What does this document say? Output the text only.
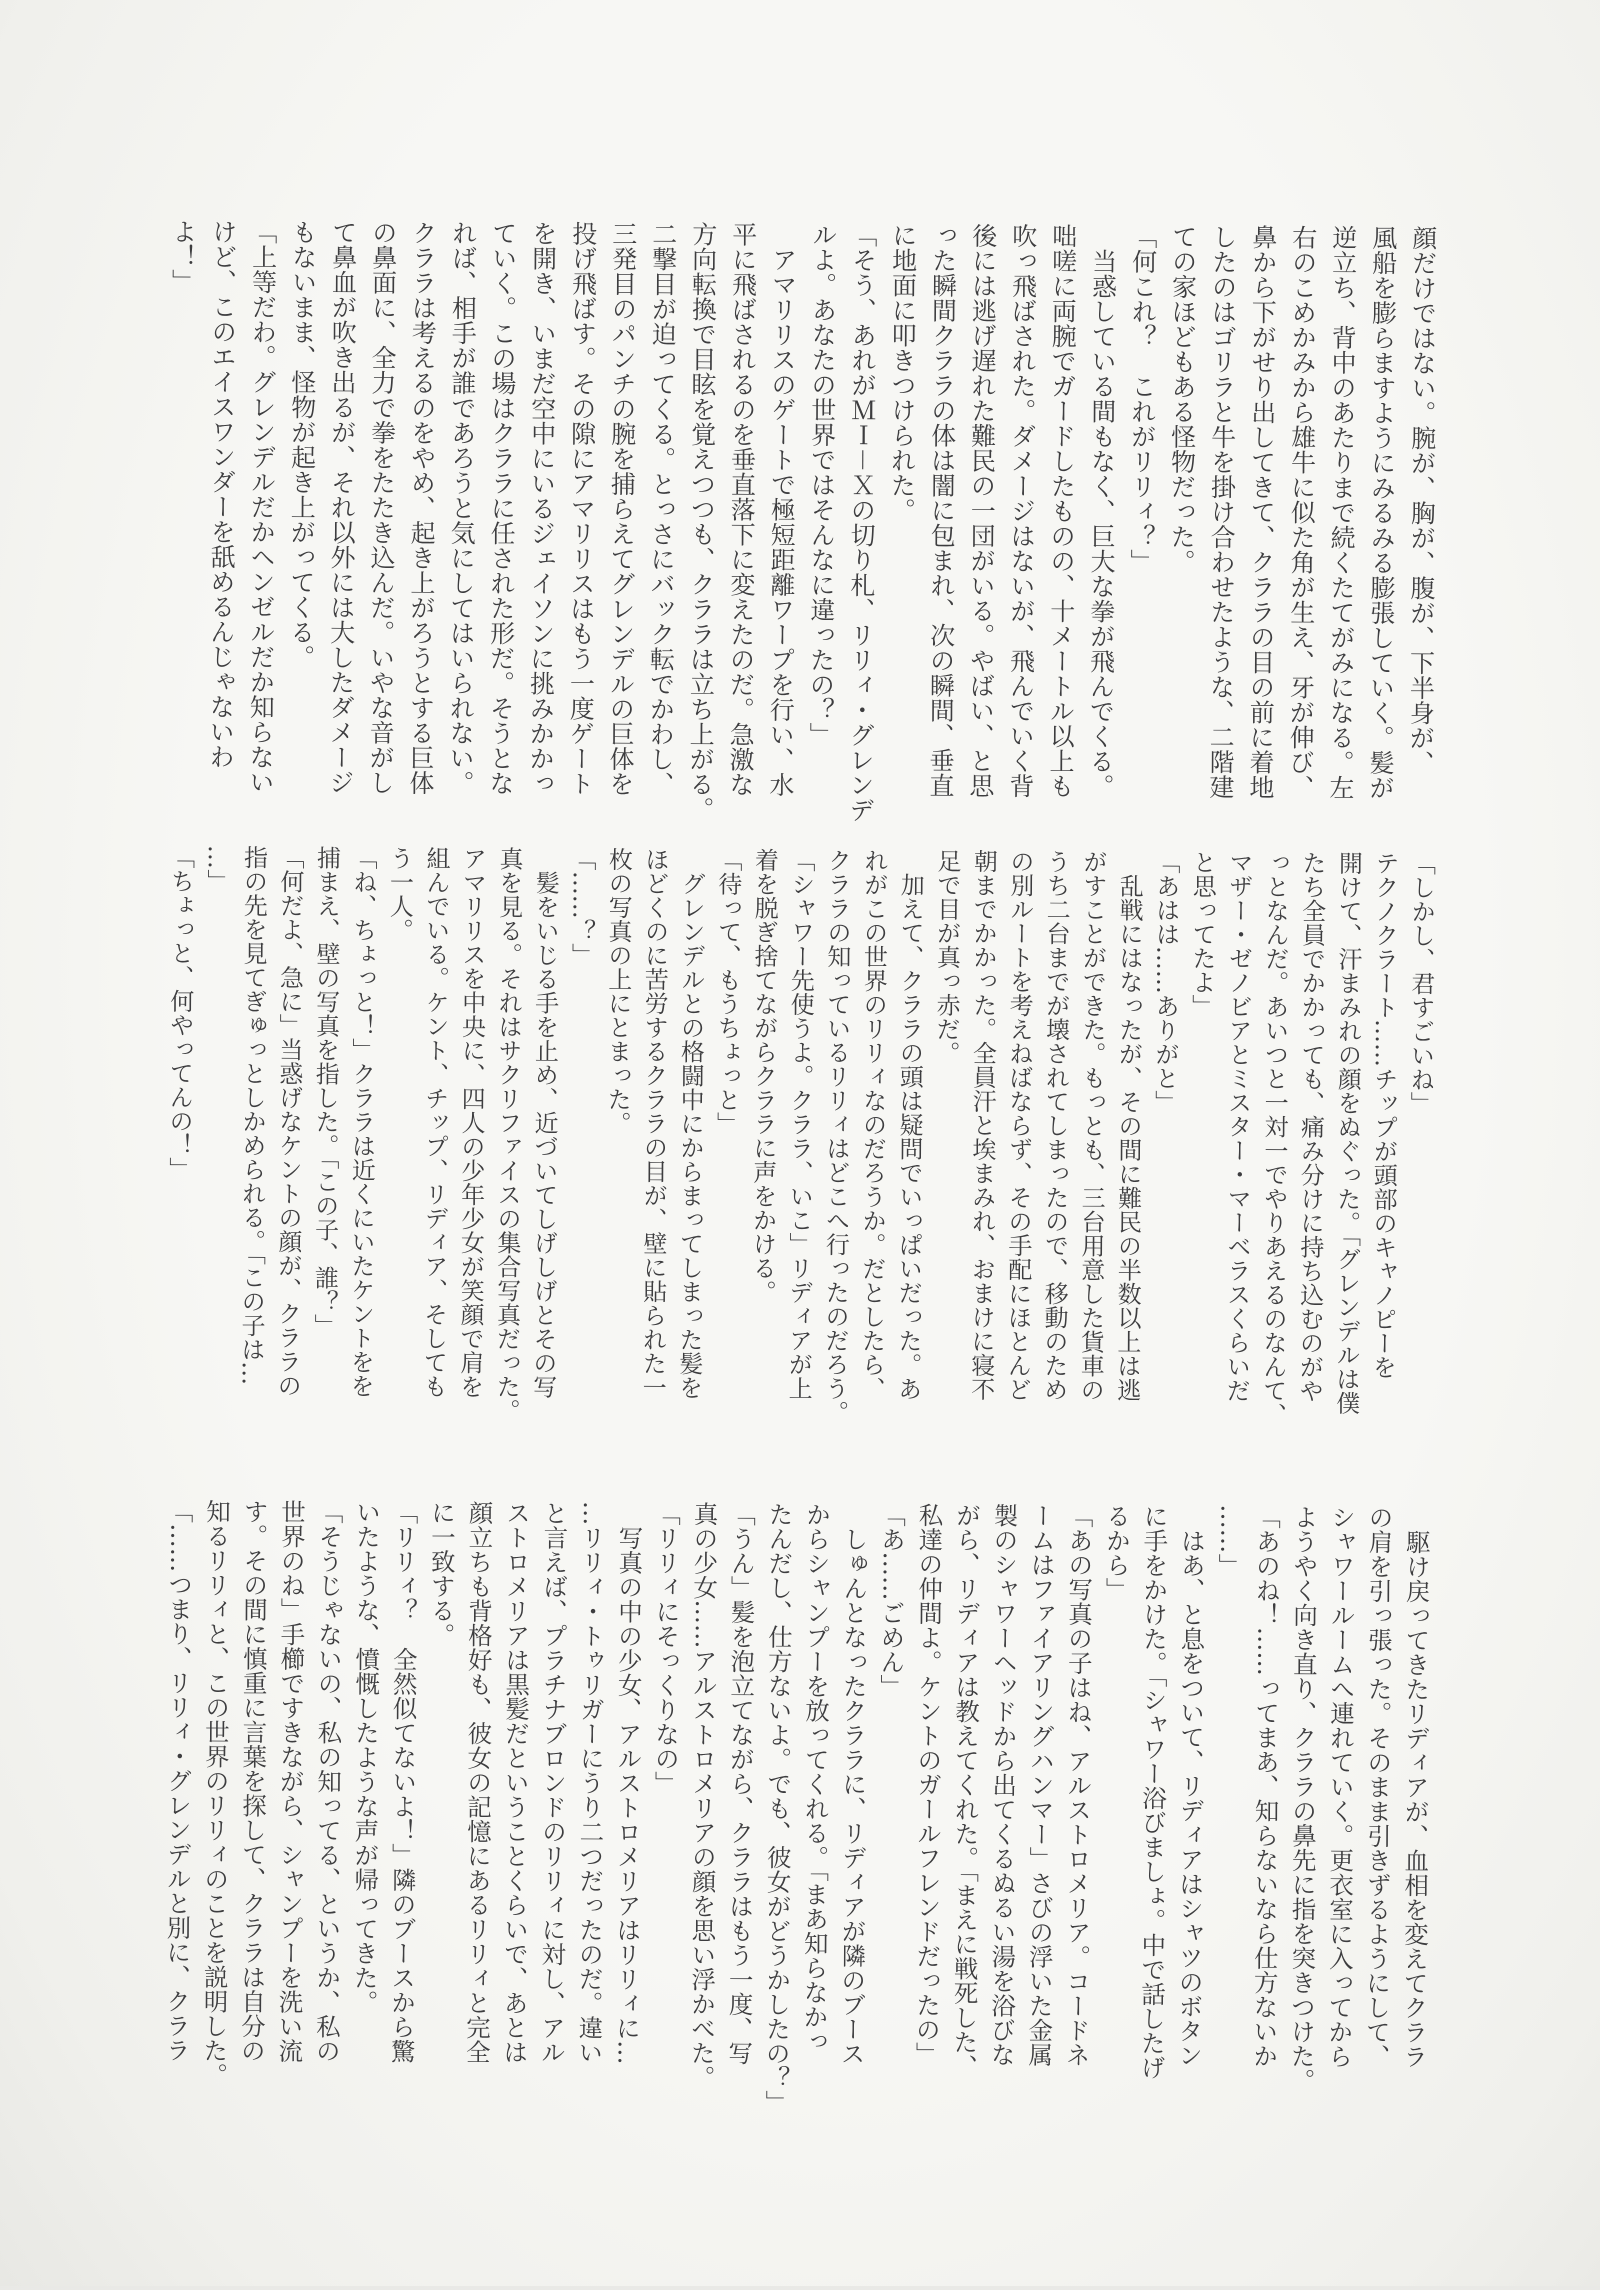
顔だけではない。腕が、胸が、腹が、下半身が、
風船を膨らますようにみるみる膨張していく。髪が
逆立ち、背中のあたりまで続くたてがみになる。左
右のこめかみから雄牛に似た角が生え、牙が伸び、
鼻から下がせり出してきて、クララの目の前に着地
したのはゴリラと牛を掛け合わせたような、二階建
ての家ほどもある怪物だった。
「何これ？　これがリリィ？」
　当惑している間もなく、巨大な拳が飛んでくる。
咄嗟に両腕でガードしたものの、十メートル以上も
吹っ飛ばされた。ダメージはないが、飛んでいく背
後には逃げ遅れた難民の一団がいる。やばい、と思
った瞬間クララの体は闇に包まれ、次の瞬間、垂直
に地面に叩きつけられた。
「そう、あれがＭＩ－Ｘの切り札、リリィ・グレンデ
ルよ。あなたの世界ではそんなに違ったの？」
　アマリリスのゲートで極短距離ワープを行い、水
平に飛ばされるのを垂直落下に変えたのだ。急激な
方向転換で目眩を覚えつつも、クララは立ち上がる。
二撃目が迫ってくる。とっさにバック転でかわし、
三発目のパンチの腕を捕らえてグレンデルの巨体を
投げ飛ばす。その隙にアマリリスはもう一度ゲート
を開き、いまだ空中にいるジェイソンに挑みかかっ
ていく。この場はクララに任された形だ。そうとな
れば、相手が誰であろうと気にしてはいられない。
クララは考えるのをやめ、起き上がろうとする巨体
の鼻面に、全力で拳をたたき込んだ。いやな音がし
て鼻血が吹き出るが、それ以外には大したダメージ
もないまま、怪物が起き上がってくる。
「上等だわ。グレンデルだかヘンゼルだか知らない
けど、このエイスワンダーを舐めるんじゃないわ
よ！」
「しかし、君すごいね」
テクノクラート……チップが頭部のキャノピーを
開けて、汗まみれの顔をぬぐった。「グレンデルは僕
たち全員でかかっても、痛み分けに持ち込むのがや
っとなんだ。あいつと一対一でやりあえるのなんて、
マザー・ゼノビアとミスター・マーベラスくらいだ
と思ってたよ」
「あはは……ありがと」
　乱戦にはなったが、その間に難民の半数以上は逃
がすことができた。もっとも、三台用意した貨車の
うち二台までが壊されてしまったので、移動のため
の別ルートを考えねばならず、その手配にほとんど
朝までかかった。全員汗と埃まみれ、おまけに寝不
足で目が真っ赤だ。
　加えて、クララの頭は疑問でいっぱいだった。あ
れがこの世界のリリィなのだろうか。だとしたら、
クララの知っているリリィはどこへ行ったのだろう。
「シャワー先使うよ。クララ、いこ」リディアが上
着を脱ぎ捨てながらクララに声をかける。
「待って、もうちょっと」
　グレンデルとの格闘中にからまってしまった髪を
ほどくのに苦労するクララの目が、壁に貼られた一
枚の写真の上にとまった。
「……？」
　髪をいじる手を止め、近づいてしげしげとその写
真を見る。それはサクリファイスの集合写真だった。
アマリリスを中央に、四人の少年少女が笑顔で肩を
組んでいる。ケント、チップ、リディア、そしても
う一人。
「ね、ちょっと！」クララは近くにいたケントをを
捕まえ、壁の写真を指した。「この子、誰？」
「何だよ、急に」当惑げなケントの顔が、クララの
指の先を見てぎゅっとしかめられる。「この子は…
…」
「ちょっと、何やってんの！」
　駆け戻ってきたリディアが、血相を変えてクララ
の肩を引っ張った。そのまま引きずるようにして、
シャワールームへ連れていく。更衣室に入ってから
ようやく向き直り、クララの鼻先に指を突きつけた。
「あのね！……ってまあ、知らないなら仕方ないか
……」
　はあ、と息をついて、リディアはシャツのボタン
に手をかけた。「シャワー浴びましょ。中で話したげ
るから」
「あの写真の子はね、アルストロメリア。コードネ
ームはファイアリングハンマー」さびの浮いた金属
製のシャワーヘッドから出てくるぬるい湯を浴びな
がら、リディアは教えてくれた。「まえに戦死した、
私達の仲間よ。ケントのガールフレンドだったの」
「あ……ごめん」
　しゅんとなったクララに、リディアが隣のブース
からシャンプーを放ってくれる。「まあ知らなかっ
たんだし、仕方ないよ。でも、彼女がどうかしたの？」
「うん」髪を泡立てながら、クララはもう一度、写
真の少女……アルストロメリアの顔を思い浮かべた。
「リリィにそっくりなの」
　写真の中の少女、アルストロメリアはリリィに…
…リリィ・トゥリガーにうり二つだったのだ。違い
と言えば、プラチナブロンドのリリィに対し、アル
ストロメリアは黒髪だということくらいで、あとは
顔立ちも背格好も、彼女の記憶にあるリリィと完全
に一致する。
「リリィ？　全然似てないよ！」隣のブースから驚
いたような、憤慨したような声が帰ってきた。
「そうじゃないの、私の知ってる、というか、私の
世界のね」手櫛ですきながら、シャンプーを洗い流
す。その間に慎重に言葉を探して、クララは自分の
知るリリィと、この世界のリリィのことを説明した。
「……つまり、リリィ・グレンデルと別に、クララ
